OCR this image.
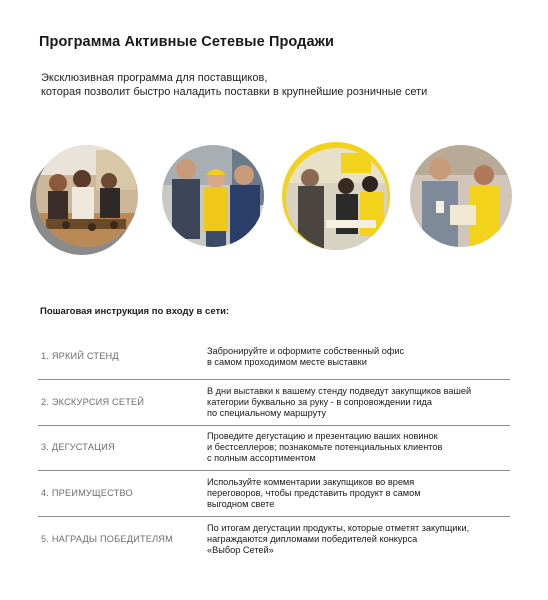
Программа Активные Сетевые Продажи
Эксклюзивная программа для поставщиков,
которая позволит быстро наладить поставки в крупнейшие розничные сети
Пошаговая инструкция по входу в сети:
1. ЯРКИЙ СТЕНД	Забронируйте и оформите собственный офис
в самом проходимом месте выставки

2. ЭКСКУРСИЯ СЕТЕЙ	В дни выставки к вашему стенду подведут закупщиков вашей
категории буквально за руку - в сопровождении гида
по специальному маршруту

3. ДЕГУСТАЦИЯ	Проведите дегустацию и презентацию ваших новинок
и бестселлеров; познакомьте потенциальных клиентов
с полным ассортиментом

4. ПРЕИМУЩЕСТВО	Используйте комментарии закупщиков во время
переговоров, чтобы представить продукт в самом
выгодном свете

5. НАГРАДЫ ПОБЕДИТЕЛЯМ	По итогам дегустации продукты, которые отметят закупщики,
награждаются дипломами победителей конкурса
«Выбор Сетей»
